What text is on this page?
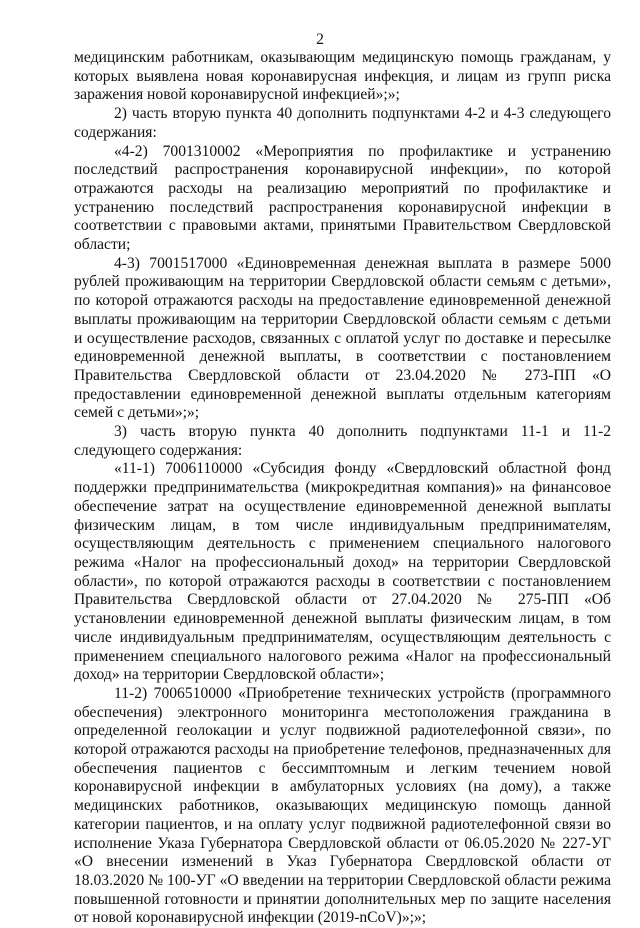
2

медицинским работникам, оказывающим медицинскую помощь гражданам, у которых выявлена новая коронавирусная инфекция, и лицам из групп риска заражения новой коронавирусной инфекцией»;»;

2) часть вторую пункта 40 дополнить подпунктами 4-2 и 4-3 следующего содержания:

«4-2) 7001310002 «Мероприятия по профилактике и устранению последствий распространения коронавирусной инфекции», по которой отражаются расходы на реализацию мероприятий по профилактике и устранению последствий распространения коронавирусной инфекции в соответствии с правовыми актами, принятыми Правительством Свердловской области;

4-3) 7001517000 «Единовременная денежная выплата в размере 5000 рублей проживающим на территории Свердловской области семьям с детьми», по которой отражаются расходы на предоставление единовременной денежной выплаты проживающим на территории Свердловской области семьям с детьми и осуществление расходов, связанных с оплатой услуг по доставке и пересылке единовременной денежной выплаты, в соответствии с постановлением Правительства Свердловской области от 23.04.2020 № 273-ПП «О предоставлении единовременной денежной выплаты отдельным категориям семей с детьми»;»;

3) часть вторую пункта 40 дополнить подпунктами 11-1 и 11-2 следующего содержания:

«11-1) 7006110000 «Субсидия фонду «Свердловский областной фонд поддержки предпринимательства (микрокредитная компания)» на финансовое обеспечение затрат на осуществление единовременной денежной выплаты физическим лицам, в том числе индивидуальным предпринимателям, осуществляющим деятельность с применением специального налогового режима «Налог на профессиональный доход» на территории Свердловской области», по которой отражаются расходы в соответствии с постановлением Правительства Свердловской области от 27.04.2020 № 275-ПП «Об установлении единовременной денежной выплаты физическим лицам, в том числе индивидуальным предпринимателям, осуществляющим деятельность с применением специального налогового режима «Налог на профессиональный доход» на территории Свердловской области»;

11-2) 7006510000 «Приобретение технических устройств (программного обеспечения) электронного мониторинга местоположения гражданина в определенной геолокации и услуг подвижной радиотелефонной связи», по которой отражаются расходы на приобретение телефонов, предназначенных для обеспечения пациентов с бессимптомным и легким течением новой коронавирусной инфекции в амбулаторных условиях (на дому), а также медицинских работников, оказывающих медицинскую помощь данной категории пациентов, и на оплату услуг подвижной радиотелефонной связи во исполнение Указа Губернатора Свердловской области от 06.05.2020 № 227-УГ «О внесении изменений в Указ Губернатора Свердловской области от 18.03.2020 № 100-УГ «О введении на территории Свердловской области режима повышенной готовности и принятии дополнительных мер по защите населения от новой коронавирусной инфекции (2019-nCoV)»;»;
